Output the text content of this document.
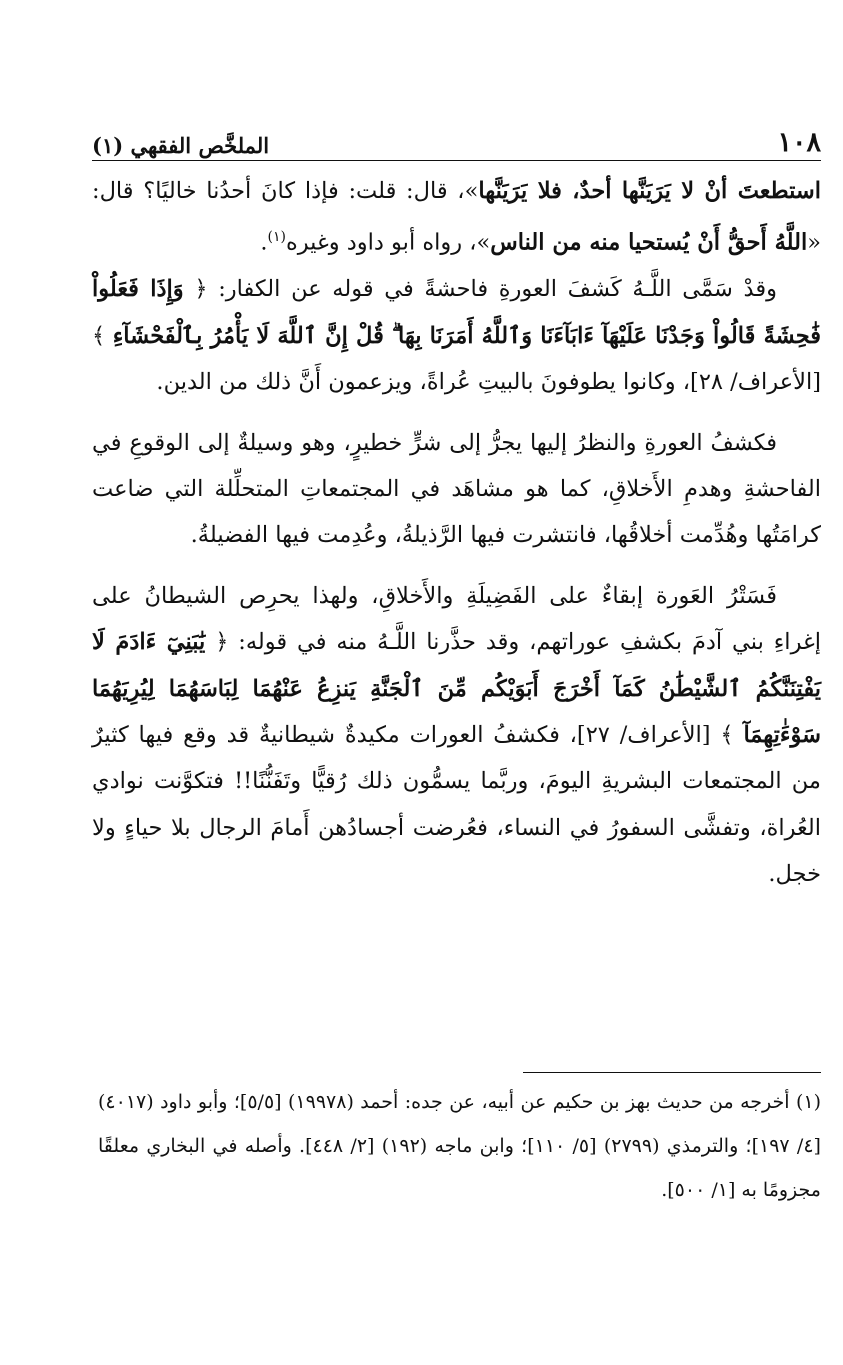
الملخَّص الفقهي (١)	١٠٨

استطعتَ أنْ لا يَرَيَنَّها أحدٌ، فلا يَرَيَنَّها»، قال: قلت: فإذا كانَ أحدُنا خاليًا؟ قال: «اللَّهُ أَحقُّ أَنْ يُستحيا منه من الناس»، رواه أبو داود وغيره$^{(١)}$.

وقدْ سَمَّى اللَّـهُ كَشفَ العورةِ فاحشةً في قوله عن الكفار: ﴿ وَإِذَا فَعَلُواْ فَٰحِشَةً قَالُواْ وَجَدْنَا عَلَيْهَآ ءَابَآءَنَا وَٱللَّهُ أَمَرَنَا بِهَا ۗ قُلْ إِنَّ ٱللَّهَ لَا يَأْمُرُ بِٱلْفَحْشَآءِ ﴾ [الأعراف/ ٢٨]، وكانوا يطوفونَ بالبيتِ عُراةً، ويزعمون أَنَّ ذلك من الدين.

فكشفُ العورةِ والنظرُ إليها يجرُّ إلى شرٍّ خطيرٍ، وهو وسيلةٌ إلى الوقوعِ في الفاحشةِ وهدمِ الأَخلاقِ، كما هو مشاهَد في المجتمعاتِ المتحلِّلة التي ضاعت كرامَتُها وهُدِّمت أخلاقُها، فانتشرت فيها الرَّذيلةُ، وعُدِمت فيها الفضيلةُ.

فَسَتْرُ العَورة إبقاءٌ على الفَضِيلَةِ والأَخلاقِ، ولهذا يحرِص الشيطانُ على إغراءِ بني آدمَ بكشفِ عوراتهم، وقد حذَّرنا اللَّـهُ منه في قوله: ﴿ يَٰبَنِيٓ ءَادَمَ لَا يَفْتِنَنَّكُمُ ٱلشَّيْطَٰنُ كَمَآ أَخْرَجَ أَبَوَيْكُم مِّنَ ٱلْجَنَّةِ يَنزِعُ عَنْهُمَا لِبَاسَهُمَا لِيُرِيَهُمَا سَوْءَٰتِهِمَآ ﴾ [الأعراف/ ٢٧]، فكشفُ العورات مكيدةٌ شيطانيةٌ قد وقع فيها كثيرٌ من المجتمعات البشريةِ اليومَ، وربَّما يسمُّون ذلك رُقيًّا وتَفَنُّنًا!! فتكوَّنت نوادي العُراة، وتفشَّى السفورُ في النساء، فعُرضت أجسادُهن أَمامَ الرجال بلا حياءٍ ولا خجل.

(١) أخرجه من حديث بهز بن حكيم عن أبيه، عن جده: أحمد (١٩٩٧٨) [٥/٥]؛ وأبو داود (٤٠١٧) [٤/ ١٩٧]؛ والترمذي (٢٧٩٩) [٥/ ١١٠]؛ وابن ماجه (١٩٢) [٢/ ٤٤٨]. وأصله في البخاري معلقًا مجزومًا به [١/ ٥٠٠].
